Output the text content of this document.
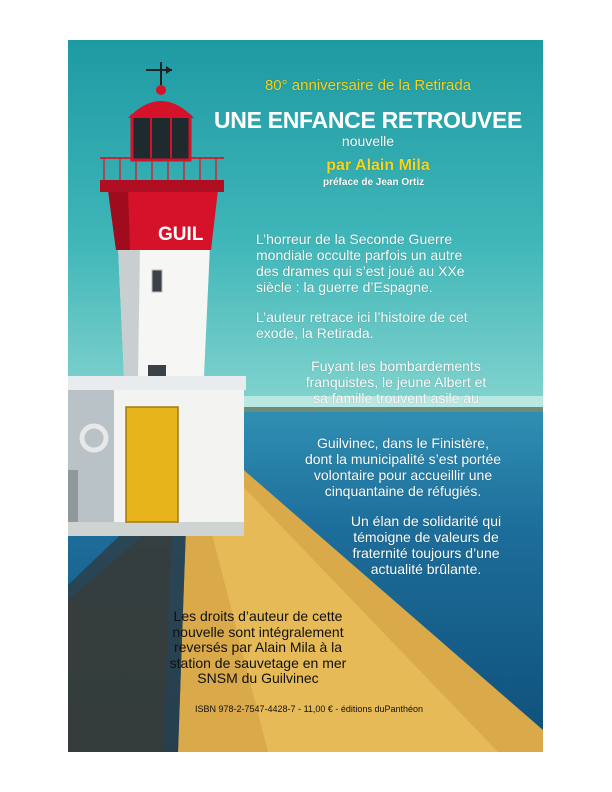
GUIL
80° anniversaire de la Retirada
UNE ENFANCE RETROUVEE
nouvelle
par Alain Mila
préface de Jean Ortiz
L’horreur de la Seconde Guerre
mondiale occulte parfois un autre
des drames qui s’est joué au XXe
siècle : la guerre d’Espagne.
L’auteur retrace ici l’histoire de cet
exode, la Retirada.
Fuyant les bombardements
franquistes, le jeune Albert et
sa famille trouvent asile au
Guilvinec, dans le Finistère,
dont la municipalité s’est portée
volontaire pour accueillir une
cinquantaine de réfugiés.
Un élan de solidarité qui
témoigne de valeurs de
fraternité toujours d’une
actualité brûlante.
Les droits d’auteur de cette
nouvelle sont intégralement
reversés par Alain Mila à la
station de sauvetage en mer
SNSM du Guilvinec
ISBN 978-2-7547-4428-7 - 11,00 € - éditions duPanthéon
